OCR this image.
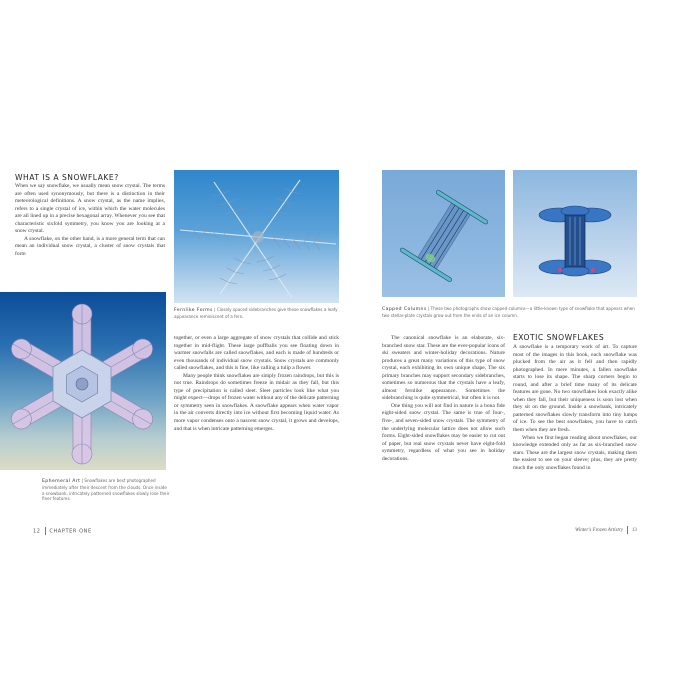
WHAT IS A SNOWFLAKE?

When we say snowflake, we usually mean snow crystal. The terms are often used synonymously, but there is a distinction in their meteorological definitions. A snow crystal, as the name implies, refers to a single crystal of ice, within which the water molecules are all lined up in a precise hexagonal array. Whenever you see that characteristic sixfold symmetry, you know you are looking at a snow crystal.

A snowflake, on the other hand, is a more general term that can mean an individual snow crystal, a cluster of snow crystals that form

Fernlike Forms | Closely spaced sidebranches give these snowflakes a leafy appearance reminiscent of a fern.
Ephemeral Art | Snowflakes are best photographed immediately after their descent from the clouds. Once inside a snowbank, intricately patterned snowflakes slowly lose their finer features.

together, or even a large aggregate of snow crystals that collide and stick together in mid-flight. These large puffballs you see floating down in warmer snowfalls are called snowflakes, and each is made of hundreds or even thousands of individual snow crystals. Snow crystals are commonly called snowflakes, and this is fine, like calling a tulip a flower.

Many people think snowflakes are simply frozen raindrops, but this is not true. Raindrops do sometimes freeze in midair as they fall, but this type of precipitation is called sleet. Sleet particles look like what you might expect—drops of frozen water without any of the delicate patterning or symmetry seen in snowflakes. A snowflake appears when water vapor in the air converts directly into ice without first becoming liquid water. As more vapor condenses onto a nascent snow crystal, it grows and develops, and that is when intricate patterning emerges.

12 CHAPTER ONE
Capped Columns | These two photographs show capped columns—a little-known type of snowflake that appears when two stellar-plate crystals grow out from the ends of an ice column.

The canonical snowflake is an elaborate, six-branched snow star. These are the ever-popular icons of ski sweaters and winter-holiday decorations. Nature produces a great many variations of this type of snow crystal, each exhibiting its own unique shape. The six primary branches may support secondary sidebranches, sometimes so numerous that the crystals have a leafy, almost fernlike appearance. Sometimes the sidebranching is quite symmetrical, but often it is not.

One thing you will not find in nature is a bona fide eight-sided snow crystal. The same is true of four-, five-, and seven-sided snow crystals. The symmetry of the underlying molecular lattice does not allow such forms. Eight-sided snowflakes may be easier to cut out of paper, but real snow crystals never have eight-fold symmetry, regardless of what you see in holiday decorations.

EXOTIC SNOWFLAKES

A snowflake is a temporary work of art. To capture most of the images in this book, each snowflake was plucked from the air as it fell and then rapidly photographed. In mere minutes, a fallen snowflake starts to lose its shape. The sharp corners begin to round, and after a brief time many of its delicate features are gone. No two snowflakes look exactly alike when they fall, but their uniqueness is soon lost when they sit on the ground. Inside a snowbank, intricately patterned snowflakes slowly transform into tiny lumps of ice. To see the best snowflakes, you have to catch them when they are fresh.

When we first began reading about snowflakes, our knowledge extended only as far as six-branched snow stars. These are the largest snow crystals, making them the easiest to see on your sleeve; plus, they are pretty much the only snowflakes found in

Winter's Frozen Artistry 13
